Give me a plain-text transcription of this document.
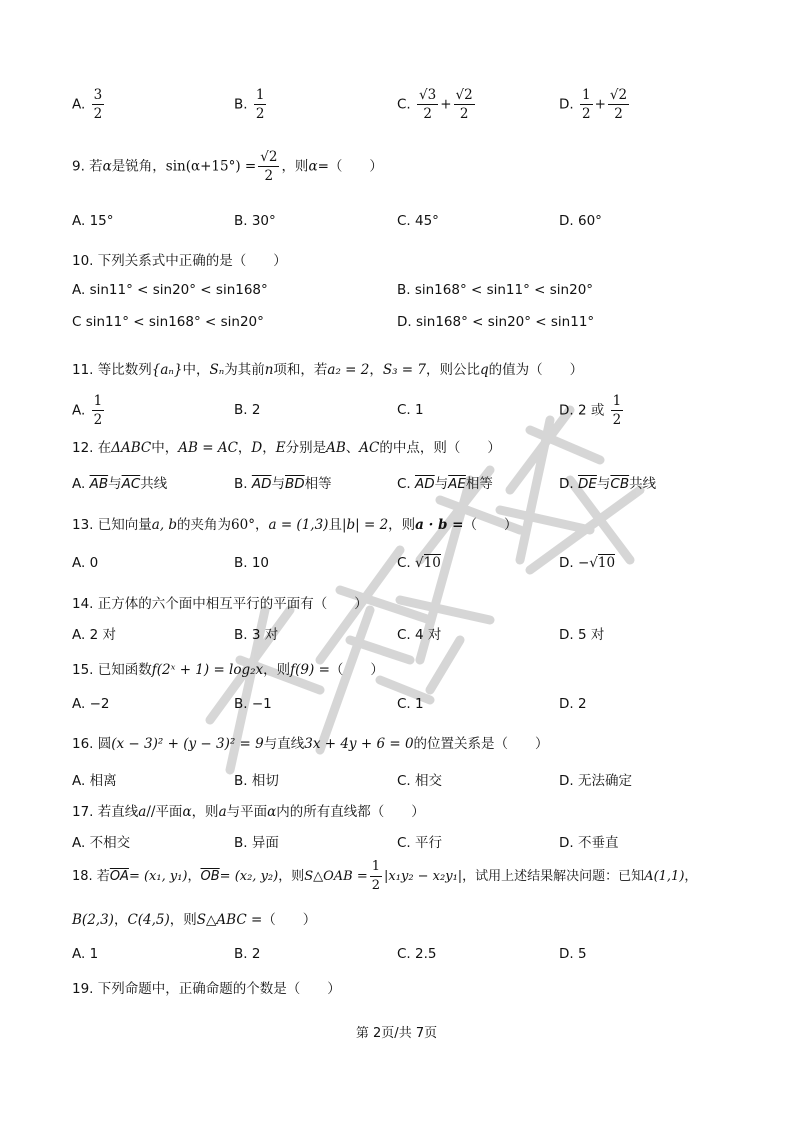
A. $\frac{3}{2}$	B. $\frac{1}{2}$	C. $\frac{√3}{2} + \frac{√2}{2}$	D. $\frac{1}{2} + \frac{√2}{2}$
9. 若α是锐角，$\sin(\alpha+15^\circ) = \frac{√2}{2}$ ，则α=（　　）
A. 15°	B. 30°	C. 45°	D. 60°
10. 下列关系式中正确的是（　　）
A. sin11° < sin20° < sin168°	B. sin168° < sin11° < sin20°
C sin11° < sin168° < sin20°	D. sin168° < sin20° < sin11°
11. 等比数列{aₙ}中，Sₙ为其前n项和，若a₂ = 2，S₃ = 7，则公比q的值为（　　）
A. $\frac{1}{2}$	B. 2	C. 1	D. 2 或 $\frac{1}{2}$
12. 在ΔABC中，AB = AC，D，E分别是AB、AC的中点，则（　　）
A. $\overline{AB}$与$\overline{AC}$共线	B. $\overline{AD}$与$\overline{BD}$相等	C. $\overline{AD}$与$\overline{AE}$相等	D. $\overline{DE}$与$\overline{CB}$共线
13. 已知向量a, b的夹角为60°，a = (1,3)且|b| = 2，则a · b =（　　）
A. 0	B. 10	C. √10	D. −√10
14. 正方体的六个面中相互平行的平面有（　　）
A. 2 对	B. 3 对	C. 4 对	D. 5 对
15. 已知函数f(2ˣ + 1) = log₂x，则f(9) =（　　）
A. −2	B. −1	C. 1	D. 2
16. 圆(x − 3)² + (y − 3)² = 9与直线3x + 4y + 6 = 0的位置关系是（　　）
A. 相离	B. 相切	C. 相交	D. 无法确定
17. 若直线a//平面α，则a与平面α内的所有直线都（　　）
A. 不相交	B. 异面	C. 平行	D. 不垂直
18. 若$\overline{OA}= (x_1$, y₁)，$\overline{OB}= (x_2$, y₂)，则S△OAB = $\frac{1}{2} |x_1y_2 - x_2y_1|$，试用上述结果解决问题：已知A(1,1)，
B(2,3)，C(4,5)，则S△ABC =（　　）
A. 1	B. 2	C. 2.5	D. 5
19. 下列命题中，正确命题的个数是（　　）
第 2页/共 7页
